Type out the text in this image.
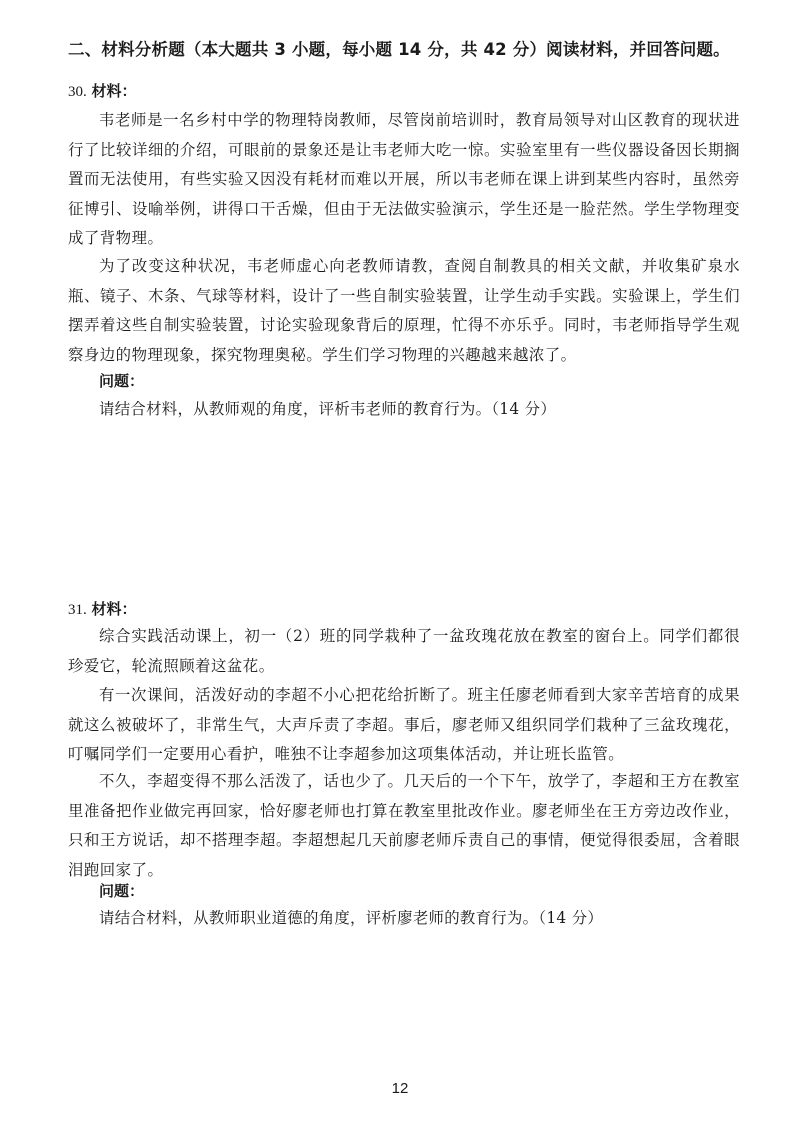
二、材料分析题（本大题共 3 小题，每小题 14 分，共 42 分）阅读材料，并回答问题。
30. 材料：

韦老师是一名乡村中学的物理特岗教师，尽管岗前培训时，教育局领导对山区教育的现状进行了比较详细的介绍，可眼前的景象还是让韦老师大吃一惊。实验室里有一些仪器设备因长期搁置而无法使用，有些实验又因没有耗材而难以开展，所以韦老师在课上讲到某些内容时，虽然旁征博引、设喻举例，讲得口干舌燥，但由于无法做实验演示，学生还是一脸茫然。学生学物理变成了背物理。

为了改变这种状况，韦老师虚心向老教师请教，查阅自制教具的相关文献，并收集矿泉水瓶、镜子、木条、气球等材料，设计了一些自制实验装置，让学生动手实践。实验课上，学生们摆弄着这些自制实验装置，讨论实验现象背后的原理，忙得不亦乐乎。同时，韦老师指导学生观察身边的物理现象，探究物理奥秘。学生们学习物理的兴趣越来越浓了。

问题：
请结合材料，从教师观的角度，评析韦老师的教育行为。（14 分）
31. 材料：

综合实践活动课上，初一（2）班的同学栽种了一盆玫瑰花放在教室的窗台上。同学们都很珍爱它，轮流照顾着这盆花。

有一次课间，活泼好动的李超不小心把花给折断了。班主任廖老师看到大家辛苦培育的成果就这么被破坏了，非常生气，大声斥责了李超。事后，廖老师又组织同学们栽种了三盆玫瑰花，叮嘱同学们一定要用心看护，唯独不让李超参加这项集体活动，并让班长监管。

不久，李超变得不那么活泼了，话也少了。几天后的一个下午，放学了，李超和王方在教室里准备把作业做完再回家，恰好廖老师也打算在教室里批改作业。廖老师坐在王方旁边改作业，只和王方说话，却不搭理李超。李超想起几天前廖老师斥责自己的事情，便觉得很委屈，含着眼泪跑回家了。

问题：
请结合材料，从教师职业道德的角度，评析廖老师的教育行为。（14 分）
12
